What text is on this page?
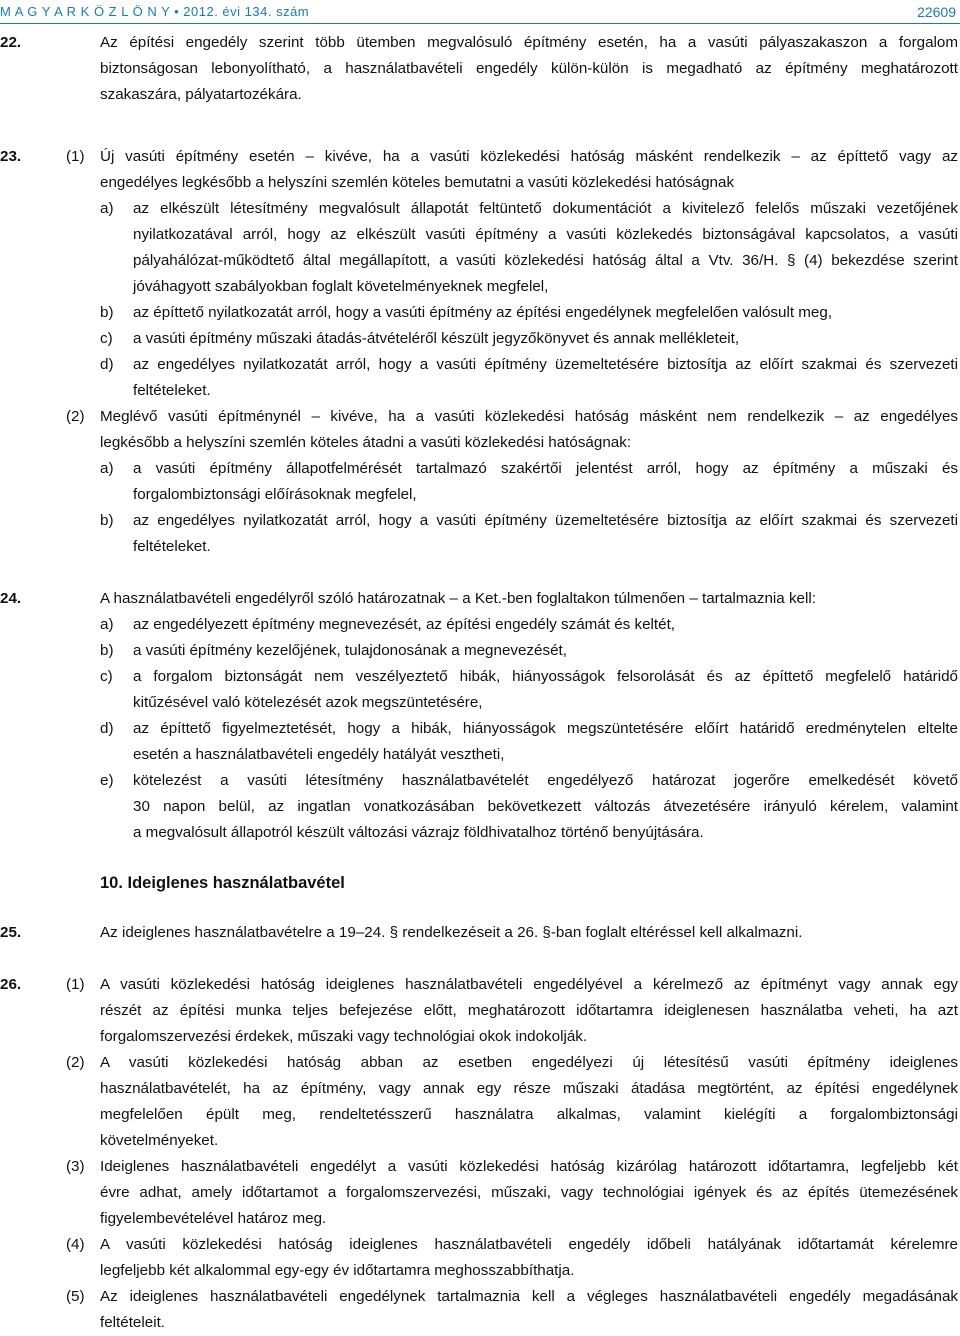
M A G Y A R K Ö Z L Ö N Y • 2012. évi 134. szám	22609
22.	Az építési engedély szerint több ütemben megvalósuló építmény esetén, ha a vasúti pályaszakaszon a forgalom
biztonságosan lebonyolítható, a használatbavételi engedély külön-külön is megadható az építmény meghatározott
szakaszára, pályatartozékára.
23.	(1) Új vasúti építmény esetén – kivéve, ha a vasúti közlekedési hatóság másként rendelkezik – az építtető vagy az
engedélyes legkésőbb a helyszíni szemlén köteles bemutatni a vasúti közlekedési hatóságnak
a) az elkészült létesítmény megvalósult állapotát feltüntető dokumentációt a kivitelező felelős műszaki vezetőjének
nyilatkozatával arról, hogy az elkészült vasúti építmény a vasúti közlekedés biztonságával kapcsolatos, a vasúti
pályahálózat-működtető által megállapított, a vasúti közlekedési hatóság által a Vtv. 36/H. § (4) bekezdése szerint
jóváhagyott szabályokban foglalt követelményeknek megfelel,
b) az építtető nyilatkozatát arról, hogy a vasúti építmény az építési engedélynek megfelelően valósult meg,
c) a vasúti építmény műszaki átadás-átvételéről készült jegyzőkönyvet és annak mellékleteit,
d) az engedélyes nyilatkozatát arról, hogy a vasúti építmény üzemeltetésére biztosítja az előírt szakmai és szervezeti
feltételeket.
(2) Meglévő vasúti építménynél – kivéve, ha a vasúti közlekedési hatóság másként nem rendelkezik – az engedélyes
legkésőbb a helyszíni szemlén köteles átadni a vasúti közlekedési hatóságnak:
a) a vasúti építmény állapotfelmérését tartalmazó szakértői jelentést arról, hogy az építmény a műszaki és
forgalombiztonsági előírásoknak megfelel,
b) az engedélyes nyilatkozatát arról, hogy a vasúti építmény üzemeltetésére biztosítja az előírt szakmai és szervezeti
feltételeket.
24.	A használatbavételi engedélyről szóló határozatnak – a Ket.-ben foglaltakon túlmenően – tartalmaznia kell:
a) az engedélyezett építmény megnevezését, az építési engedély számát és keltét,
b) a vasúti építmény kezelőjének, tulajdonosának a megnevezését,
c) a forgalom biztonságát nem veszélyeztető hibák, hiányosságok felsorolását és az építtető megfelelő határidő
kitűzésével való kötelezését azok megszüntetésére,
d) az építtető figyelmeztetését, hogy a hibák, hiányosságok megszüntetésére előírt határidő eredménytelen eltelte
esetén a használatbavételi engedély hatályát vesztheti,
e) kötelezést a vasúti létesítmény használatbavételét engedélyező határozat jogerőre emelkedését követő
30 napon belül, az ingatlan vonatkozásában bekövetkezett változás átvezetésére irányuló kérelem, valamint
a megvalósult állapotról készült változási vázrajz földhivatalhoz történő benyújtására.
10. Ideiglenes használatbavétel
25.	Az ideiglenes használatbavételre a 19–24. § rendelkezéseit a 26. §-ban foglalt eltéréssel kell alkalmazni.
26.	(1) A vasúti közlekedési hatóság ideiglenes használatbavételi engedélyével a kérelmező az építményt vagy annak egy
részét az építési munka teljes befejezése előtt, meghatározott időtartamra ideiglenesen használatba veheti, ha azt
forgalomszervezési érdekek, műszaki vagy technológiai okok indokolják.
(2) A vasúti közlekedési hatóság abban az esetben engedélyezi új létesítésű vasúti építmény ideiglenes
használatbavételét, ha az építmény, vagy annak egy része műszaki átadása megtörtént, az építési engedélynek
megfelelően épült meg, rendeltetésszerű használatra alkalmas, valamint kielégíti a forgalombiztonsági
követelményeket.
(3) Ideiglenes használatbavételi engedélyt a vasúti közlekedési hatóság kizárólag határozott időtartamra, legfeljebb két
évre adhat, amely időtartamot a forgalomszervezési, műszaki, vagy technológiai igények és az építés ütemezésének
figyelembevételével határoz meg.
(4) A vasúti közlekedési hatóság ideiglenes használatbavételi engedély időbeli hatályának időtartamát kérelemre
legfeljebb két alkalommal egy-egy év időtartamra meghosszabbíthatja.
(5) Az ideiglenes használatbavételi engedélynek tartalmaznia kell a végleges használatbavételi engedély megadásának
feltételeit.
